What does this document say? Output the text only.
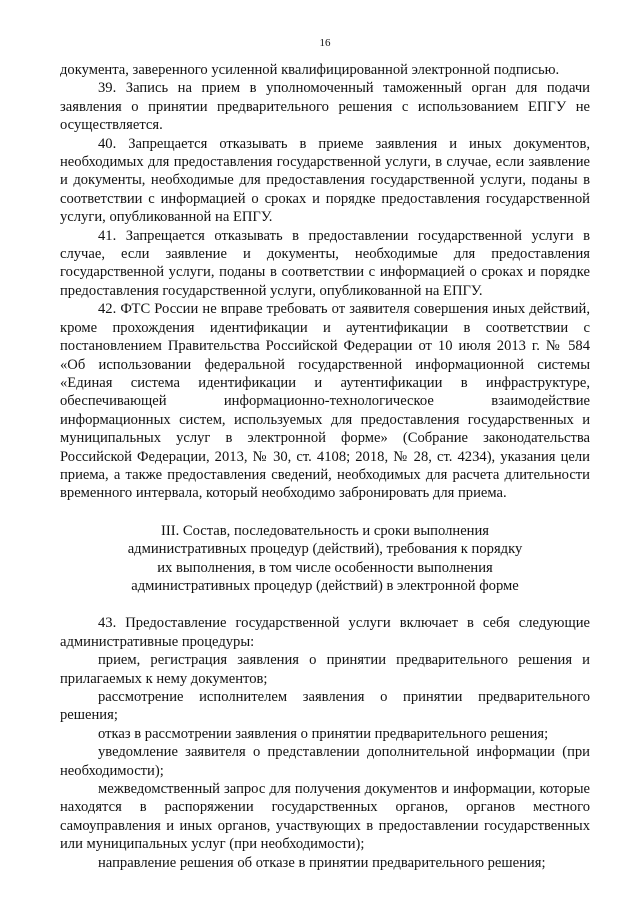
16

документа, заверенного усиленной квалифицированной электронной подписью.

39. Запись на прием в уполномоченный таможенный орган для подачи заявления о принятии предварительного решения с использованием ЕПГУ не осуществляется.

40. Запрещается отказывать в приеме заявления и иных документов, необходимых для предоставления государственной услуги, в случае, если заявление и документы, необходимые для предоставления государственной услуги, поданы в соответствии с информацией о сроках и порядке предоставления государственной услуги, опубликованной на ЕПГУ.

41. Запрещается отказывать в предоставлении государственной услуги в случае, если заявление и документы, необходимые для предоставления государственной услуги, поданы в соответствии с информацией о сроках и порядке предоставления государственной услуги, опубликованной на ЕПГУ.

42. ФТС России не вправе требовать от заявителя совершения иных действий, кроме прохождения идентификации и аутентификации в соответствии с постановлением Правительства Российской Федерации от 10 июля 2013 г. № 584 «Об использовании федеральной государственной информационной системы «Единая система идентификации и аутентификации в инфраструктуре, обеспечивающей информационно-технологическое взаимодействие информационных систем, используемых для предоставления государственных и муниципальных услуг в электронной форме» (Собрание законодательства Российской Федерации, 2013, № 30, ст. 4108; 2018, № 28, ст. 4234), указания цели приема, а также предоставления сведений, необходимых для расчета длительности временного интервала, который необходимо забронировать для приема.

III. Состав, последовательность и сроки выполнения
административных процедур (действий), требования к порядку
их выполнения, в том числе особенности выполнения
административных процедур (действий) в электронной форме

43. Предоставление государственной услуги включает в себя следующие административные процедуры:

прием, регистрация заявления о принятии предварительного решения и прилагаемых к нему документов;

рассмотрение исполнителем заявления о принятии предварительного решения;

отказ в рассмотрении заявления о принятии предварительного решения;

уведомление заявителя о представлении дополнительной информации (при необходимости);

межведомственный запрос для получения документов и информации, которые находятся в распоряжении государственных органов, органов местного самоуправления и иных органов, участвующих в предоставлении государственных или муниципальных услуг (при необходимости);

направление решения об отказе в принятии предварительного решения;
